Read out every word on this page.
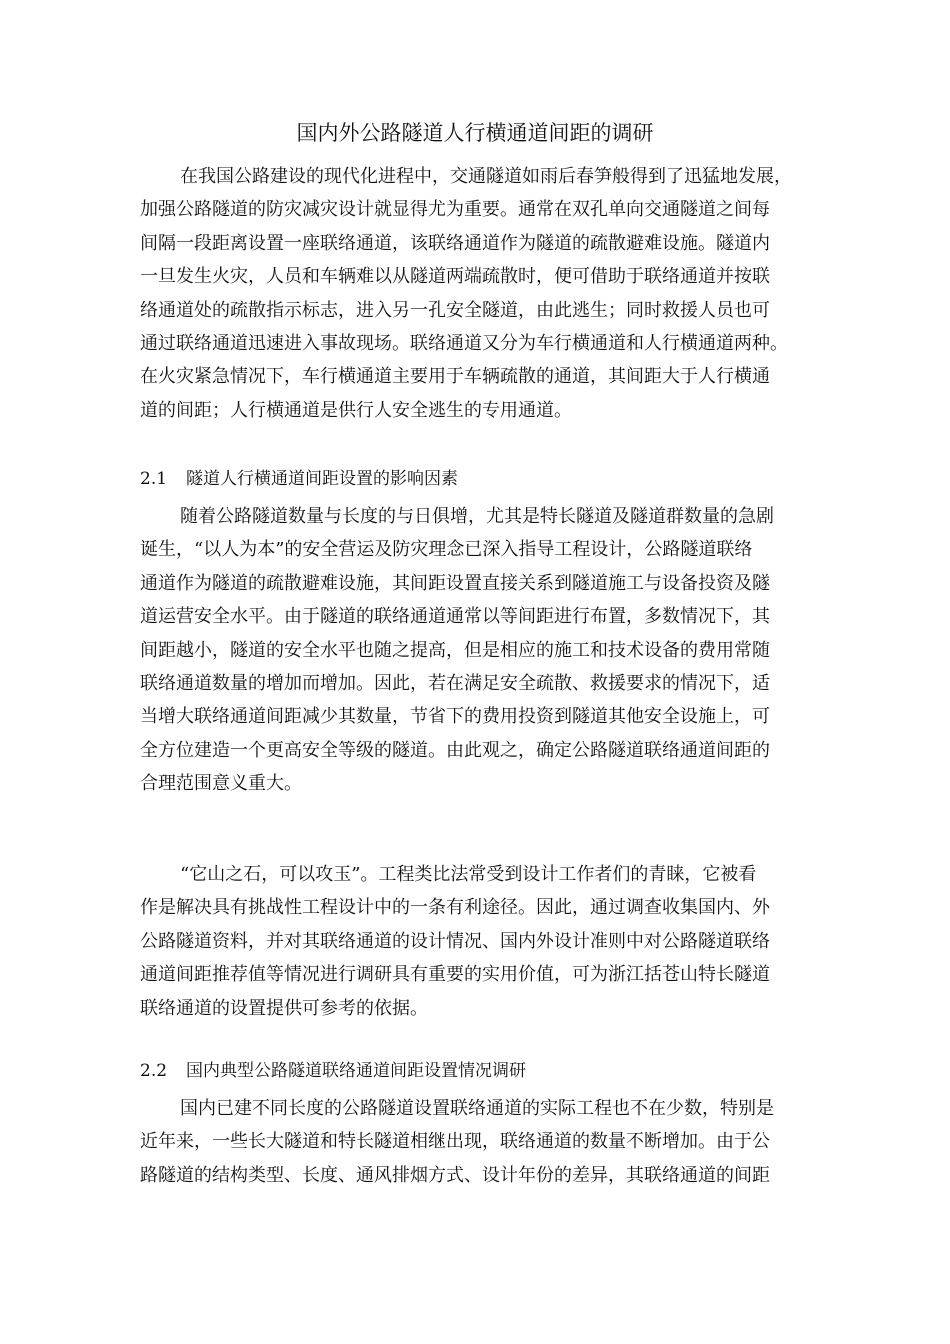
国内外公路隧道人行横通道间距的调研
在我国公路建设的现代化进程中，交通隧道如雨后春笋般得到了迅猛地发展，
加强公路隧道的防灾减灾设计就显得尤为重要。通常在双孔单向交通隧道之间每
间隔一段距离设置一座联络通道，该联络通道作为隧道的疏散避难设施。隧道内
一旦发生火灾，人员和车辆难以从隧道两端疏散时，便可借助于联络通道并按联
络通道处的疏散指示标志，进入另一孔安全隧道，由此逃生；同时救援人员也可
通过联络通道迅速进入事故现场。联络通道又分为车行横通道和人行横通道两种。
在火灾紧急情况下，车行横通道主要用于车辆疏散的通道，其间距大于人行横通
道的间距；人行横通道是供行人安全逃生的专用通道。
2.1 隧道人行横通道间距设置的影响因素
随着公路隧道数量与长度的与日俱增，尤其是特长隧道及隧道群数量的急剧
诞生，“以人为本”的安全营运及防灾理念已深入指导工程设计，公路隧道联络
通道作为隧道的疏散避难设施，其间距设置直接关系到隧道施工与设备投资及隧
道运营安全水平。由于隧道的联络通道通常以等间距进行布置，多数情况下，其
间距越小，隧道的安全水平也随之提高，但是相应的施工和技术设备的费用常随
联络通道数量的增加而增加。因此，若在满足安全疏散、救援要求的情况下，适
当增大联络通道间距减少其数量，节省下的费用投资到隧道其他安全设施上，可
全方位建造一个更高安全等级的隧道。由此观之，确定公路隧道联络通道间距的
合理范围意义重大。
“它山之石，可以攻玉”。工程类比法常受到设计工作者们的青睐，它被看
作是解决具有挑战性工程设计中的一条有利途径。因此，通过调查收集国内、外
公路隧道资料，并对其联络通道的设计情况、国内外设计准则中对公路隧道联络
通道间距推荐值等情况进行调研具有重要的实用价值，可为浙江括苍山特长隧道
联络通道的设置提供可参考的依据。
2.2 国内典型公路隧道联络通道间距设置情况调研
国内已建不同长度的公路隧道设置联络通道的实际工程也不在少数，特别是
近年来，一些长大隧道和特长隧道相继出现，联络通道的数量不断增加。由于公
路隧道的结构类型、长度、通风排烟方式、设计年份的差异，其联络通道的间距
